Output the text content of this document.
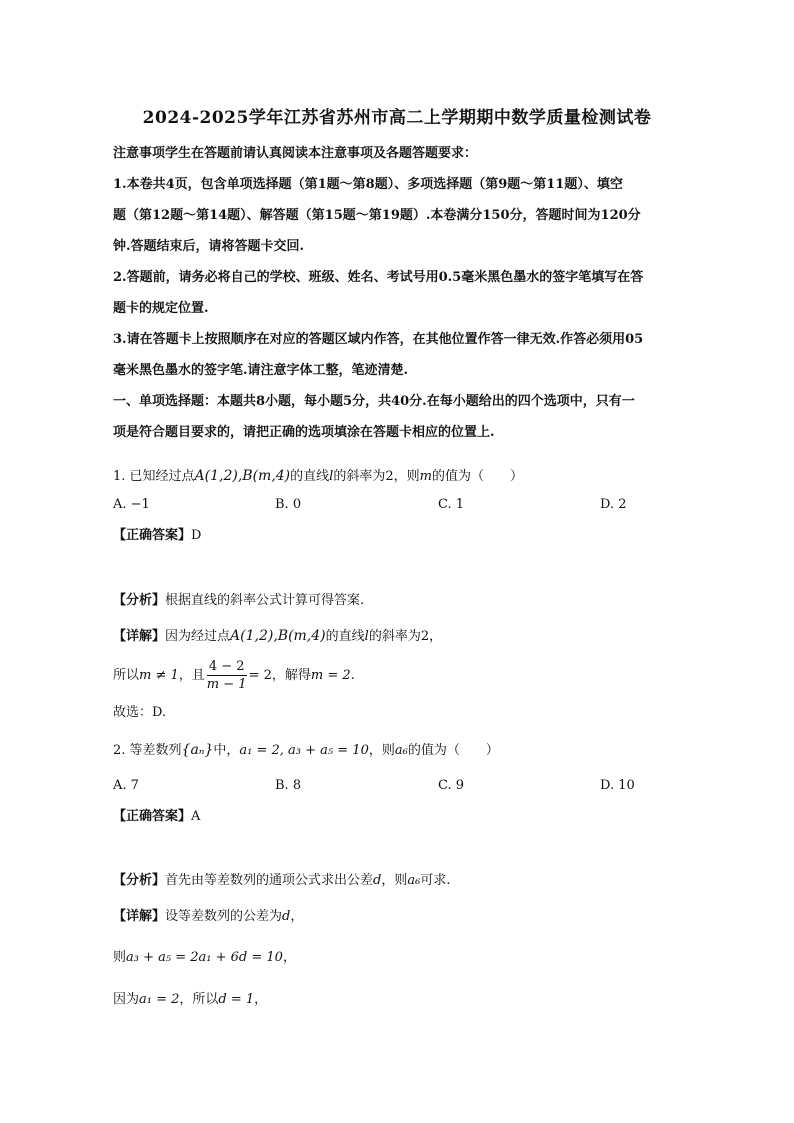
2024-2025学年江苏省苏州市高二上学期期中数学质量检测试卷
注意事项学生在答题前请认真阅读本注意事项及各题答题要求：
1.本卷共4页，包含单项选择题（第1题～第8题）、多项选择题（第9题～第11题）、填空
题（第12题～第14题）、解答题（第15题～第19题）.本卷满分150分，答题时间为120分
钟.答题结束后，请将答题卡交回.
2.答题前，请务必将自己的学校、班级、姓名、考试号用0.5毫米黑色墨水的签字笔填写在答
题卡的规定位置.
3.请在答题卡上按照顺序在对应的答题区域内作答，在其他位置作答一律无效.作答必须用05
毫米黑色墨水的签字笔.请注意字体工整，笔迹清楚.
一、单项选择题：本题共8小题，每小题5分，共40分.在每小题给出的四个选项中，只有一
项是符合题目要求的，请把正确的选项填涂在答题卡相应的位置上.
1. 已知经过点A(1,2),B(m,4)的直线l的斜率为2，则m的值为（　　）
A. −1	B. 0	C. 1	D. 2
【正确答案】D
【分析】根据直线的斜率公式计算可得答案.
【详解】因为经过点A(1,2),B(m,4)的直线l的斜率为2，
所以m ≠ 1，且 $\frac{4 - 2}{m - 1} = 2$，解得m = 2.
故选：D.
2. 等差数列{aₙ}中，a₁ = 2, a₃ + a₅ = 10，则a₆的值为（　　）
A. 7	B. 8	C. 9	D. 10
【正确答案】A
【分析】首先由等差数列的通项公式求出公差d，则a₆可求.
【详解】设等差数列的公差为d，
则a₃ + a₅ = 2a₁ + 6d = 10，
因为a₁ = 2，所以d = 1，
